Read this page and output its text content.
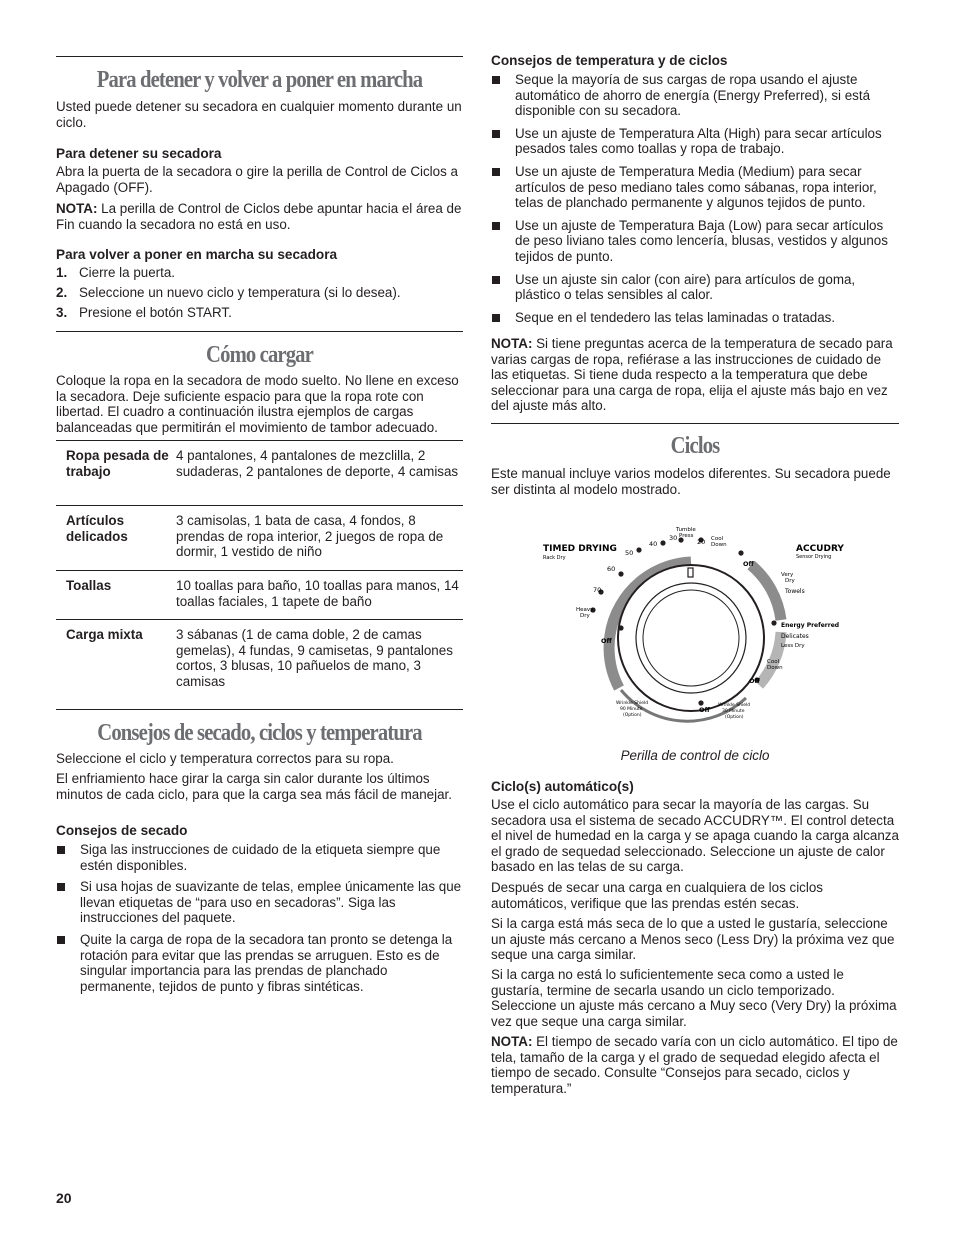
Para detener y volver a poner en marcha

Usted puede detener su secadora en cualquier momento durante un ciclo.

Para detener su secadora

Abra la puerta de la secadora o gire la perilla de Control de Ciclos a Apagado (OFF).

NOTA: La perilla de Control de Ciclos debe apuntar hacia el área de Fin cuando la secadora no está en uso.

Para volver a poner en marcha su secadora
1. Cierre la puerta.
2. Seleccione un nuevo ciclo y temperatura (si lo desea).
3. Presione el botón START.
Cómo cargar

Coloque la ropa en la secadora de modo suelto. No llene en exceso la secadora. Deje suficiente espacio para que la ropa rote con libertad. El cuadro a continuación ilustra ejemplos de cargas balanceadas que permitirán el movimiento de tambor adecuado.

Ropa pesada de trabajo	4 pantalones, 4 pantalones de mezclilla, 2 sudaderas, 2 pantalones de deporte, 4 camisas
Artículos delicados	3 camisolas, 1 bata de casa, 4 fondos, 8 prendas de ropa interior, 2 juegos de ropa de dormir, 1 vestido de niño
Toallas	10 toallas para baño, 10 toallas para manos, 14 toallas faciales, 1 tapete de baño
Carga mixta	3 sábanas (1 de cama doble, 2 de camas gemelas), 4 fundas, 9 camisetas, 9 pantalones cortos, 3 blusas, 10 pañuelos de mano, 3 camisas
Consejos de secado, ciclos y temperatura

Seleccione el ciclo y temperatura correctos para su ropa.

El enfriamiento hace girar la carga sin calor durante los últimos minutos de cada ciclo, para que la carga sea más fácil de manejar.

Consejos de secado
Siga las instrucciones de cuidado de la etiqueta siempre que estén disponibles.
Si usa hojas de suavizante de telas, emplee únicamente las que llevan etiquetas de “para uso en secadoras”. Siga las instrucciones del paquete.
Quite la carga de ropa de la secadora tan pronto se detenga la rotación para evitar que las prendas se arruguen. Esto es de singular importancia para las prendas de planchado permanente, tejidos de punto y fibras sintéticas.
Consejos de temperatura y de ciclos
Seque la mayoría de sus cargas de ropa usando el ajuste automático de ahorro de energía (Energy Preferred), si está disponible con su secadora.
Use un ajuste de Temperatura Alta (High) para secar artículos pesados tales como toallas y ropa de trabajo.
Use un ajuste de Temperatura Media (Medium) para secar artículos de peso mediano tales como sábanas, ropa interior, telas de planchado permanente y algunos tejidos de punto.
Use un ajuste de Temperatura Baja (Low) para secar artículos de peso liviano tales como lencería, blusas, vestidos y algunos tejidos de punto.
Use un ajuste sin calor (con aire) para artículos de goma, plástico o telas sensibles al calor.
Seque en el tendedero las telas laminadas o tratadas.

NOTA: Si tiene preguntas acerca de la temperatura de secado para varias cargas de ropa, refiérase a las instrucciones de cuidado de las etiquetas. Si tiene duda respecto a la temperatura que debe seleccionar para una carga de ropa, elija el ajuste más bajo en vez del ajuste más alto.

Ciclos

Este manual incluye varios modelos diferentes. Su secadora puede ser distinta al modelo mostrado.

TIMED DRYING
Rack Dry
ACCUDRY
Sensor Drying
Tumble
Press	Cool
Down
50
40
30	20
60
70
Heavy
Dry
Off
Off
Very
Dry
Towels
Energy Preferred
Delicates
Less Dry
Cool
Down
Off
Off
Wrinkle Shield
90 Minute
(Option)
Wrinkle Shield
30 Minute
(Option)

Perilla de control de ciclo

Ciclo(s) automático(s)

Use el ciclo automático para secar la mayoría de las cargas. Su secadora usa el sistema de secado ACCUDRY™. El control detecta el nivel de humedad en la carga y se apaga cuando la carga alcanza el grado de sequedad seleccionado. Seleccione un ajuste de calor basado en las telas de su carga.

Después de secar una carga en cualquiera de los ciclos automáticos, verifique que las prendas estén secas.

Si la carga está más seca de lo que a usted le gustaría, seleccione un ajuste más cercano a Menos seco (Less Dry) la próxima vez que seque una carga similar.

Si la carga no está lo suficientemente seca como a usted le gustaría, termine de secarla usando un ciclo temporizado. Seleccione un ajuste más cercano a Muy seco (Very Dry) la próxima vez que seque una carga similar.

NOTA: El tiempo de secado varía con un ciclo automático. El tipo de tela, tamaño de la carga y el grado de sequedad elegido afecta el tiempo de secado. Consulte “Consejos para secado, ciclos y temperatura.”

20
